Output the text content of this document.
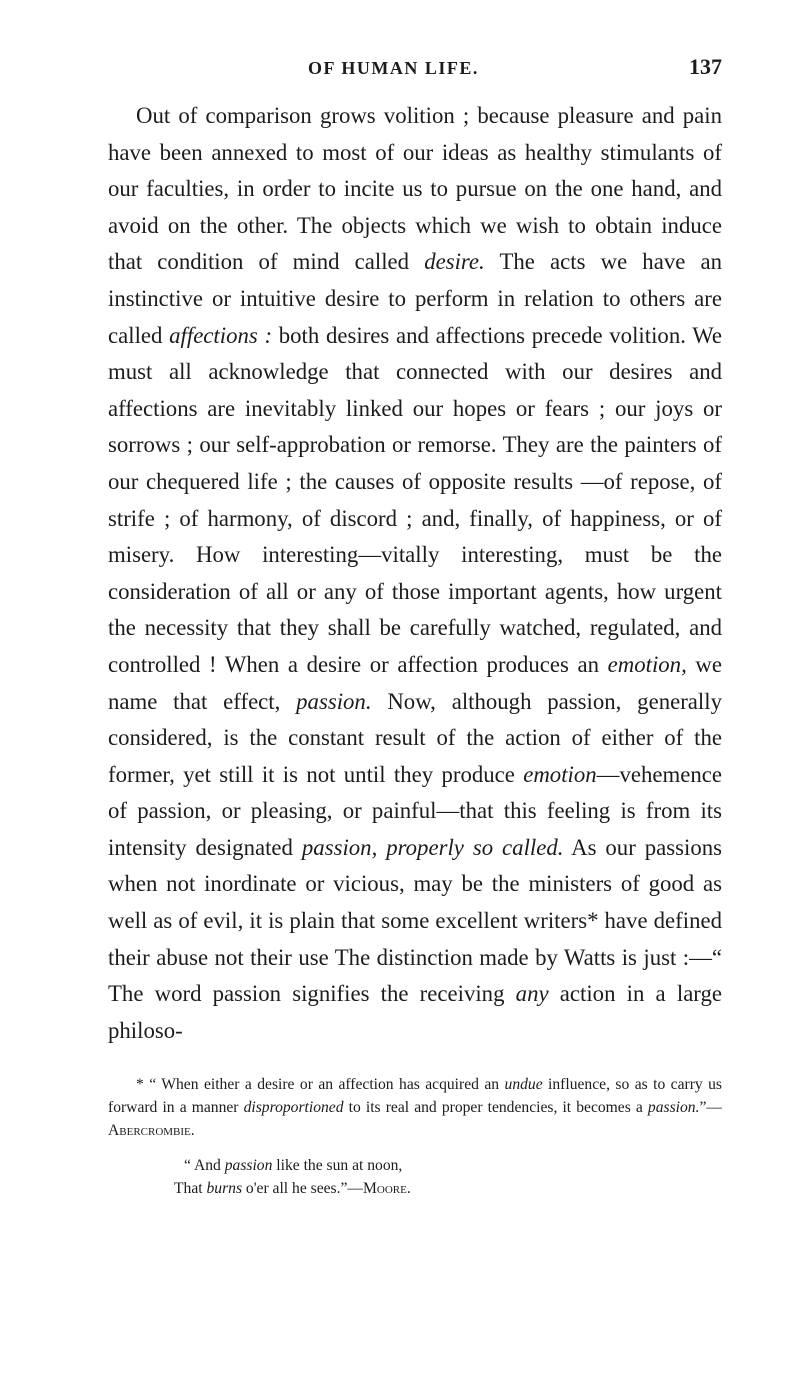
OF HUMAN LIFE.	137

Out of comparison grows volition ; because pleasure and pain have been annexed to most of our ideas as healthy stimulants of our faculties, in order to incite us to pursue on the one hand, and avoid on the other. The objects which we wish to obtain induce that condition of mind called desire. The acts we have an instinctive or intuitive desire to perform in relation to others are called affections : both desires and affections precede volition. We must all acknowledge that connected with our desires and affections are inevitably linked our hopes or fears ; our joys or sorrows ; our self-approbation or remorse. They are the painters of our chequered life ; the causes of opposite results —of repose, of strife ; of harmony, of discord ; and, finally, of happiness, or of misery. How interesting—vitally interesting, must be the consideration of all or any of those important agents, how urgent the necessity that they shall be carefully watched, regulated, and controlled ! When a desire or affection produces an emotion, we name that effect, passion. Now, although passion, generally considered, is the constant result of the action of either of the former, yet still it is not until they produce emotion—vehemence of passion, or pleasing, or painful—that this feeling is from its intensity designated passion, properly so called. As our passions when not inordinate or vicious, may be the ministers of good as well as of evil, it is plain that some excellent writers* have defined their abuse not their use The distinction made by Watts is just :—“ The word passion signifies the receiving any action in a large philoso-

* “ When either a desire or an affection has acquired an undue influence, so as to carry us forward in a manner disproportioned to its real and proper tendencies, it becomes a passion.”—Abercrombie.

“ And passion like the sun at noon,
That burns o'er all he sees.”—Moore.
